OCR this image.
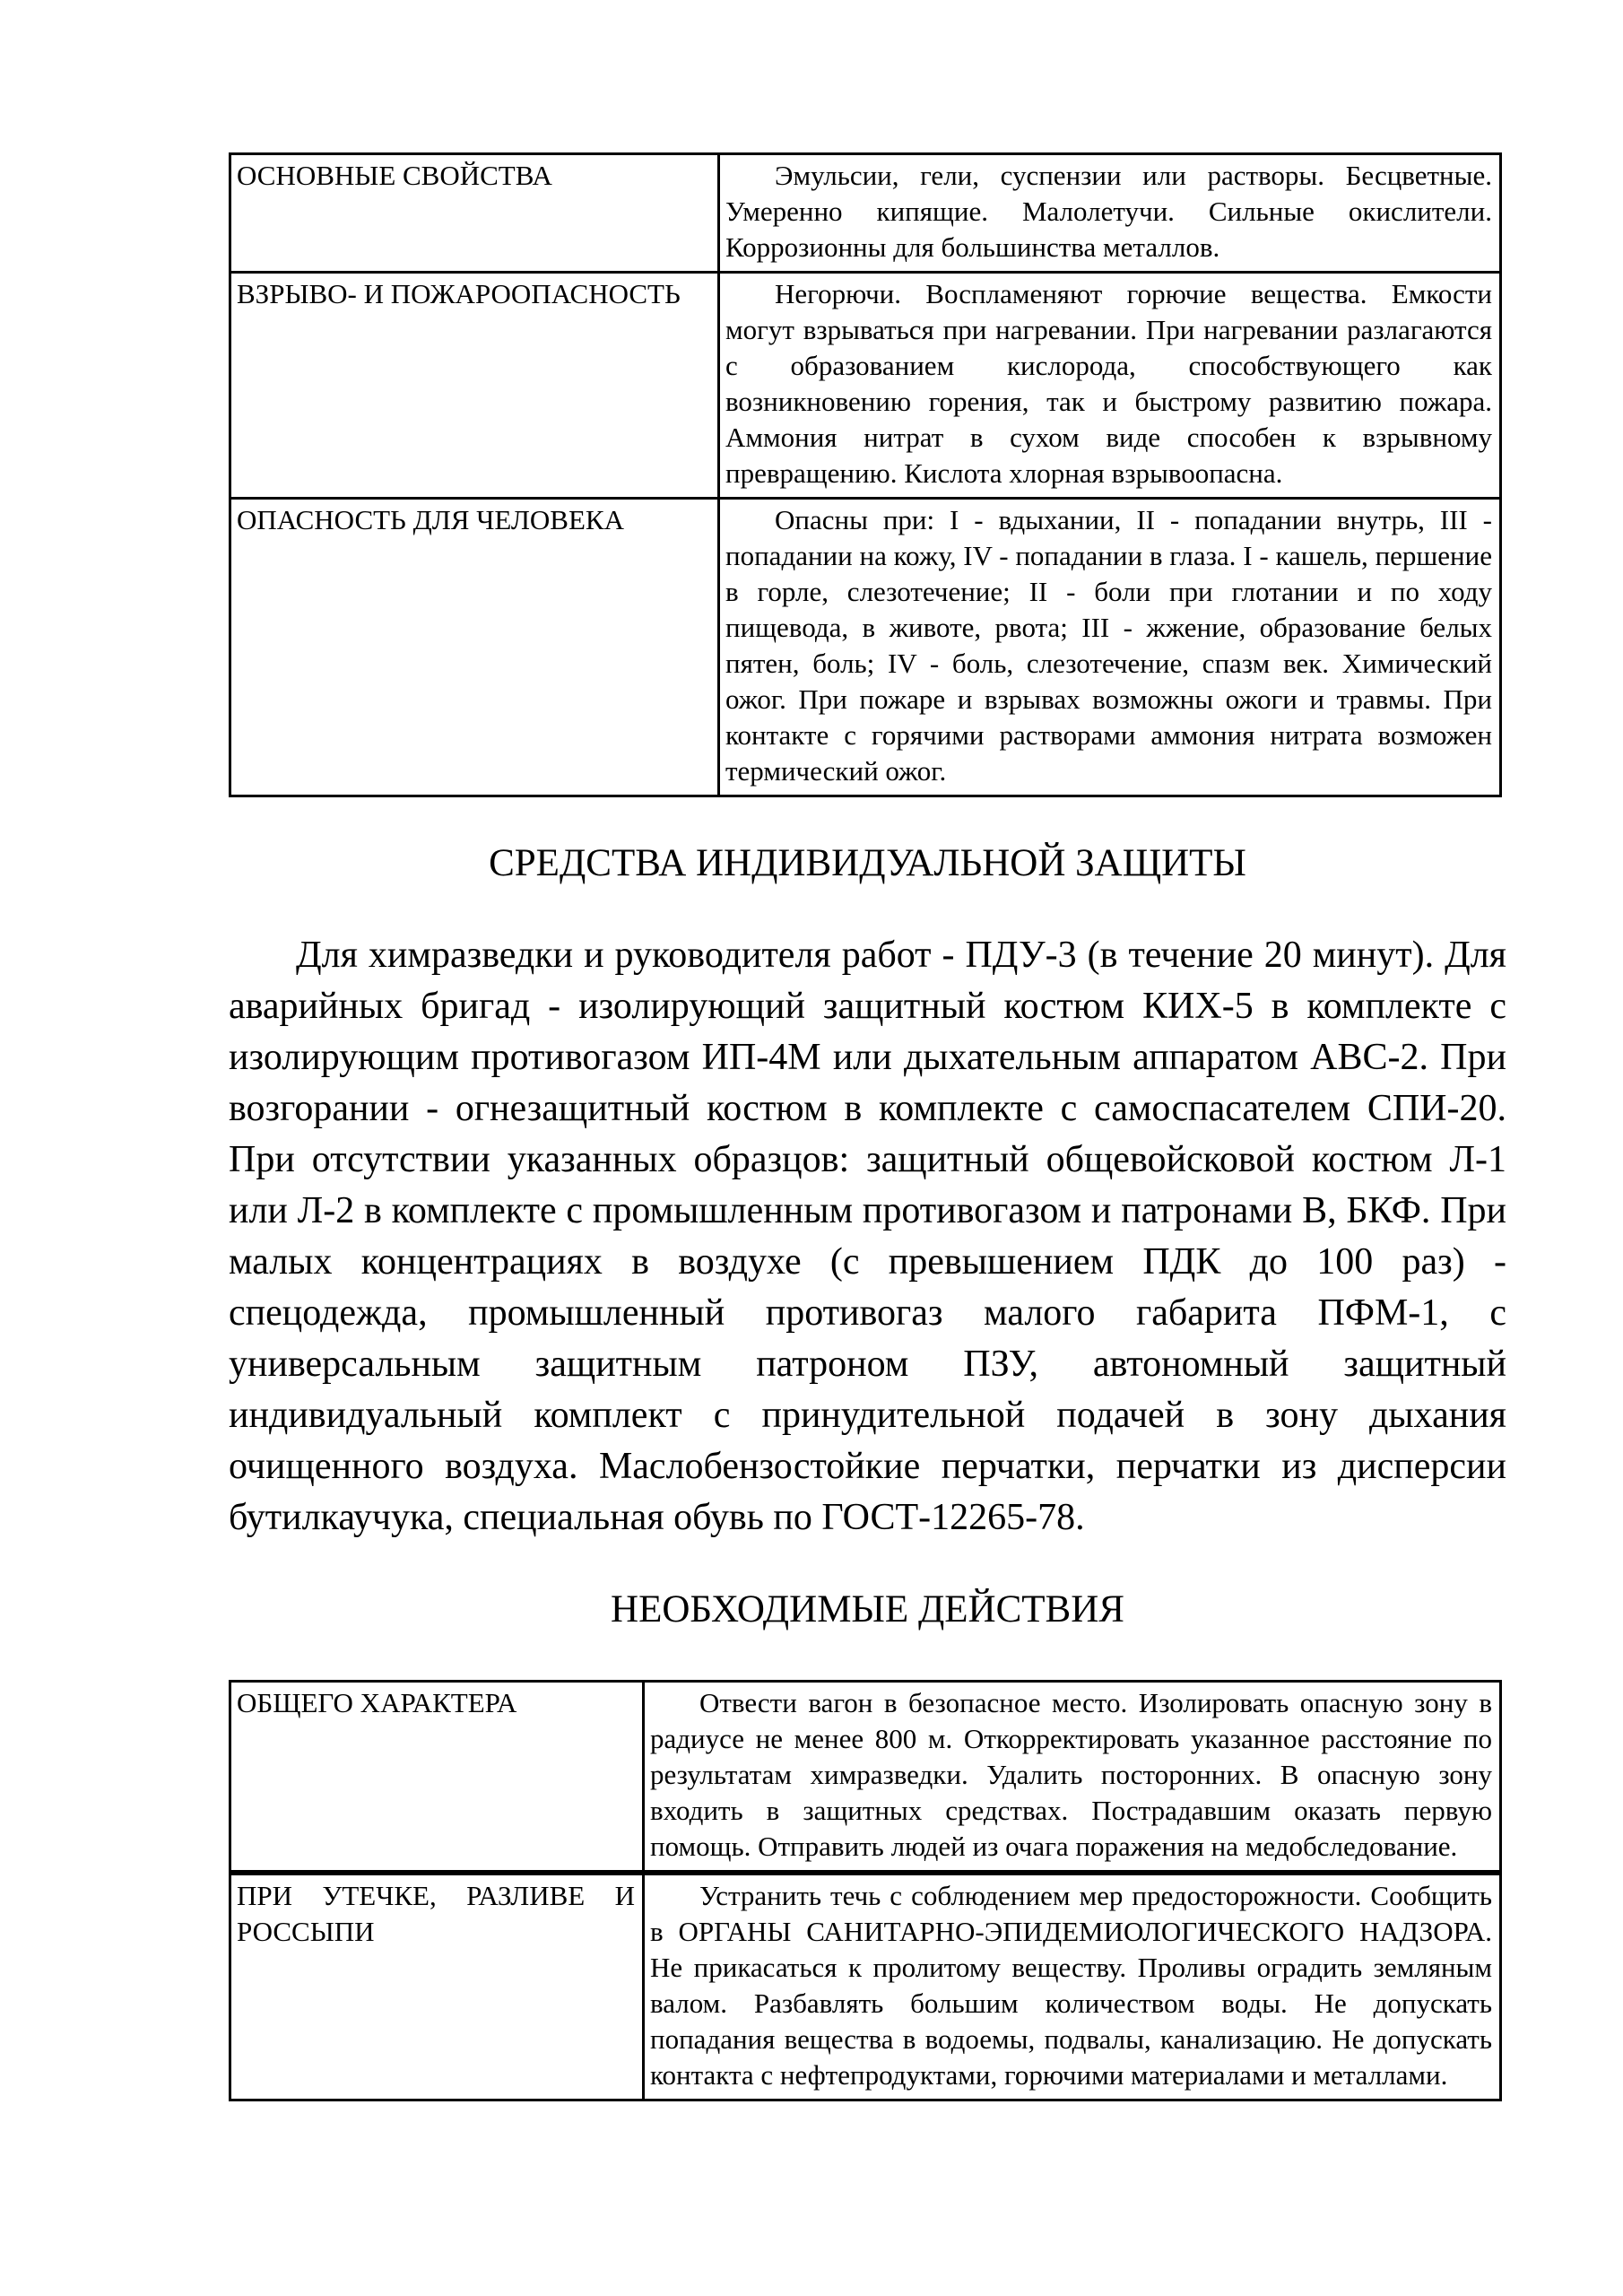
ОСНОВНЫЕ СВОЙСТВА	Эмульсии, гели, суспензии или растворы. Бесцветные. Умеренно кипящие. Малолетучи. Сильные окислители. Коррозионны для большинства металлов.
ВЗРЫВО- И ПОЖАРООПАСНОСТЬ	Негорючи. Воспламеняют горючие вещества. Емкости могут взрываться при нагревании. При нагревании разлагаются с образованием кислорода, способствующего как возникновению горения, так и быстрому развитию пожара. Аммония нитрат в сухом виде способен к взрывному превращению. Кислота хлорная взрывоопасна.
ОПАСНОСТЬ ДЛЯ ЧЕЛОВЕКА	Опасны при: I - вдыхании, II - попадании внутрь, III - попадании на кожу, IV - попадании в глаза. I - кашель, першение в горле, слезотечение; II - боли при глотании и по ходу пищевода, в животе, рвота; III - жжение, образование белых пятен, боль; IV - боль, слезотечение, спазм век. Химический ожог. При пожаре и взрывах возможны ожоги и травмы. При контакте с горячими растворами аммония нитрата возможен термический ожог.
СРЕДСТВА ИНДИВИДУАЛЬНОЙ ЗАЩИТЫ

Для химразведки и руководителя работ - ПДУ-3 (в течение 20 минут). Для аварийных бригад - изолирующий защитный костюм КИХ-5 в комплекте с изолирующим противогазом ИП-4М или дыхательным аппаратом АВС-2. При возгорании - огнезащитный костюм в комплекте с самоспасателем СПИ-20. При отсутствии указанных образцов: защитный общевойсковой костюм Л-1 или Л-2 в комплекте с промышленным противогазом и патронами В, БКФ. При малых концентрациях в воздухе (с превышением ПДК до 100 раз) - спецодежда, промышленный противогаз малого габарита ПФМ-1, с универсальным защитным патроном ПЗУ, автономный защитный индивидуальный комплект с принудительной подачей в зону дыхания очищенного воздуха. Маслобензостойкие перчатки, перчатки из дисперсии бутилкаучука, специальная обувь по ГОСТ-12265-78.

НЕОБХОДИМЫЕ ДЕЙСТВИЯ
ОБЩЕГО ХАРАКТЕРА	Отвести вагон в безопасное место. Изолировать опасную зону в радиусе не менее 800 м. Откорректировать указанное расстояние по результатам химразведки. Удалить посторонних. В опасную зону входить в защитных средствах. Пострадавшим оказать первую помощь. Отправить людей из очага поражения на медобследование.
ПРИ УТЕЧКЕ, РАЗЛИВЕ И РОССЫПИ	Устранить течь с соблюдением мер предосторожности. Сообщить в ОРГАНЫ САНИТАРНО-ЭПИДЕМИОЛОГИЧЕСКОГО НАДЗОРА. Не прикасаться к пролитому веществу. Проливы оградить земляным валом. Разбавлять большим количеством воды. Не допускать попадания вещества в водоемы, подвалы, канализацию. Не допускать контакта с нефтепродуктами, горючими материалами и металлами.
